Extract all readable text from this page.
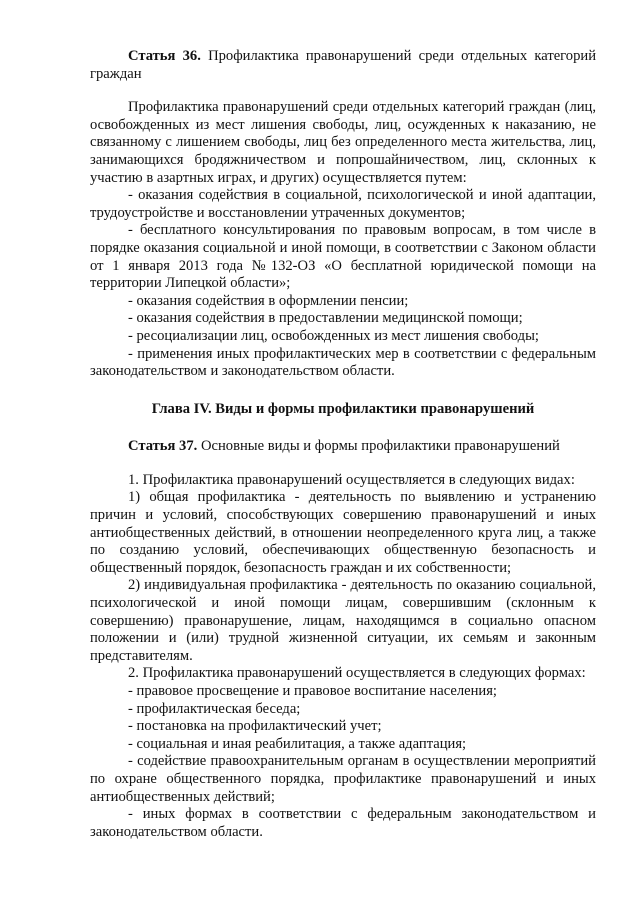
Статья 36. Профилактика правонарушений среди отдельных категорий граждан

Профилактика правонарушений среди отдельных категорий граждан (лиц, освобожденных из мест лишения свободы, лиц, осужденных к наказанию, не связанному с лишением свободы, лиц без определенного места жительства, лиц, занимающихся бродяжничеством и попрошайничеством, лиц, склонных к участию в азартных играх, и других) осуществляется путем:

- оказания содействия в социальной, психологической и иной адаптации, трудоустройстве и восстановлении утраченных документов;

- бесплатного консультирования по правовым вопросам, в том числе в порядке оказания социальной и иной помощи, в соответствии с Законом области от 1 января 2013 года №132-ОЗ «О бесплатной юридической помощи на территории Липецкой области»;

- оказания содействия в оформлении пенсии;

- оказания содействия в предоставлении медицинской помощи;

- ресоциализации лиц, освобожденных из мест лишения свободы;

- применения иных профилактических мер в соответствии с федеральным законодательством и законодательством области.

Глава IV. Виды и формы профилактики правонарушений

Статья 37. Основные виды и формы профилактики правонарушений

1. Профилактика правонарушений осуществляется в следующих видах:

1) общая профилактика - деятельность по выявлению и устранению причин и условий, способствующих совершению правонарушений и иных антиобщественных действий, в отношении неопределенного круга лиц, а также по созданию условий, обеспечивающих общественную безопасность и общественный порядок, безопасность граждан и их собственности;

2) индивидуальная профилактика - деятельность по оказанию социальной, психологической и иной помощи лицам, совершившим (склонным к совершению) правонарушение, лицам, находящимся в социально опасном положении и (или) трудной жизненной ситуации, их семьям и законным представителям.

2. Профилактика правонарушений осуществляется в следующих формах:

- правовое просвещение и правовое воспитание населения;

- профилактическая беседа;

- постановка на профилактический учет;

- социальная и иная реабилитация, а также адаптация;

- содействие правоохранительным органам в осуществлении мероприятий по охране общественного порядка, профилактике правонарушений и иных антиобщественных действий;

- иных формах в соответствии с федеральным законодательством и законодательством области.
